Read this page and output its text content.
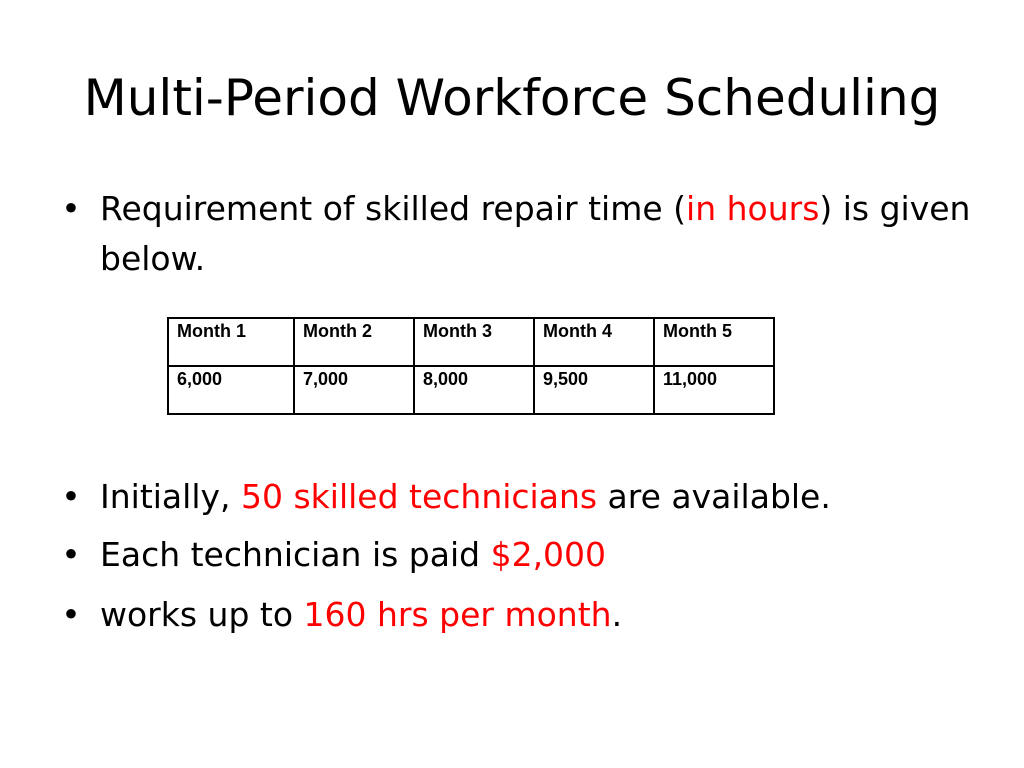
Multi-Period Workforce Scheduling

• Requirement of skilled repair time (in hours) is given below.

Month 1	Month 2	Month 3	Month 4	Month 5
6,000	7,000	8,000	9,500	11,000

• Initially, 50 skilled technicians are available.

• Each technician is paid $2,000

• works up to 160 hrs per month.
